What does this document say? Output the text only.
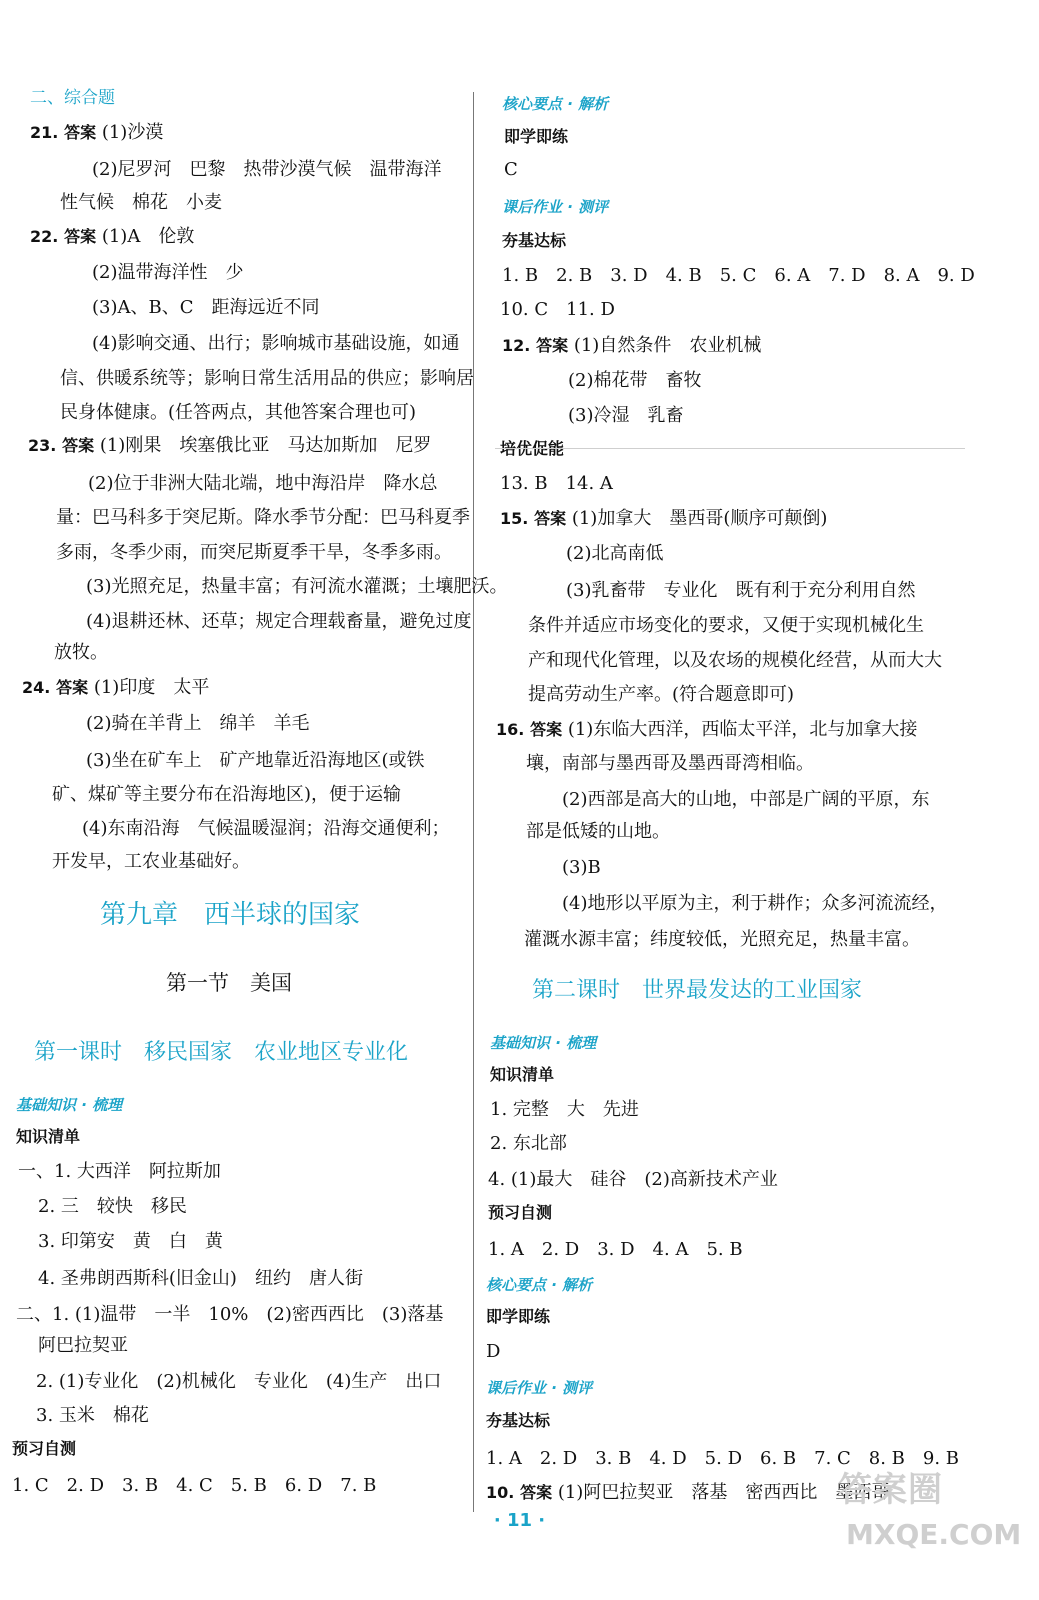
二、综合题
21. 答案 (1)沙漠
(2)尼罗河　巴黎　热带沙漠气候　温带海洋
性气候　棉花　小麦
22. 答案 (1)A　伦敦
(2)温带海洋性　少
(3)A、B、C　距海远近不同
(4)影响交通、出行；影响城市基础设施，如通
信、供暖系统等；影响日常生活用品的供应；影响居
民身体健康。(任答两点，其他答案合理也可)
23. 答案 (1)刚果　埃塞俄比亚　马达加斯加　尼罗
(2)位于非洲大陆北端，地中海沿岸　降水总
量：巴马科多于突尼斯。降水季节分配：巴马科夏季
多雨，冬季少雨，而突尼斯夏季干旱，冬季多雨。
(3)光照充足，热量丰富；有河流水灌溉；土壤肥沃。
(4)退耕还林、还草；规定合理载畜量，避免过度
放牧。
24. 答案 (1)印度　太平
(2)骑在羊背上　绵羊　羊毛
(3)坐在矿车上　矿产地靠近沿海地区(或铁
矿、煤矿等主要分布在沿海地区)，便于运输
(4)东南沿海　气候温暖湿润；沿海交通便利；
开发早，工农业基础好。
第九章　西半球的国家
第一节　美国
第一课时　移民国家　农业地区专业化
基础知识 · 梳理
知识清单
一、1. 大西洋　阿拉斯加
2. 三　较快　移民
3. 印第安　黄　白　黄
4. 圣弗朗西斯科(旧金山)　纽约　唐人街
二、1. (1)温带　一半　10%　(2)密西西比　(3)落基
阿巴拉契亚
2. (1)专业化　(2)机械化　专业化　(4)生产　出口
3. 玉米　棉花
预习自测
1. C　2. D　3. B　4. C　5. B　6. D　7. B
核心要点 · 解析
即学即练
C
课后作业 · 测评
夯基达标
1. B　2. B　3. D　4. B　5. C　6. A　7. D　8. A　9. D
10. C　11. D
12. 答案 (1)自然条件　农业机械
(2)棉花带　畜牧
(3)冷湿　乳畜
培优促能
13. B　14. A
15. 答案 (1)加拿大　墨西哥(顺序可颠倒)
(2)北高南低
(3)乳畜带　专业化　既有利于充分利用自然
条件并适应市场变化的要求，又便于实现机械化生
产和现代化管理，以及农场的规模化经营，从而大大
提高劳动生产率。(符合题意即可)
16. 答案 (1)东临大西洋，西临太平洋，北与加拿大接
壤，南部与墨西哥及墨西哥湾相临。
(2)西部是高大的山地，中部是广阔的平原，东
部是低矮的山地。
(3)B
(4)地形以平原为主，利于耕作；众多河流流经，
灌溉水源丰富；纬度较低，光照充足，热量丰富。
第二课时　世界最发达的工业国家
基础知识 · 梳理
知识清单
1. 完整　大　先进
2. 东北部
4. (1)最大　硅谷　(2)高新技术产业
预习自测
1. A　2. D　3. D　4. A　5. B
核心要点 · 解析
即学即练
D
课后作业 · 测评
夯基达标
1. A　2. D　3. B　4. D　5. D　6. B　7. C　8. B　9. B
10. 答案 (1)阿巴拉契亚　落基　密西西比　墨西哥
· 11 ·
答案圈
MXQE.COM
